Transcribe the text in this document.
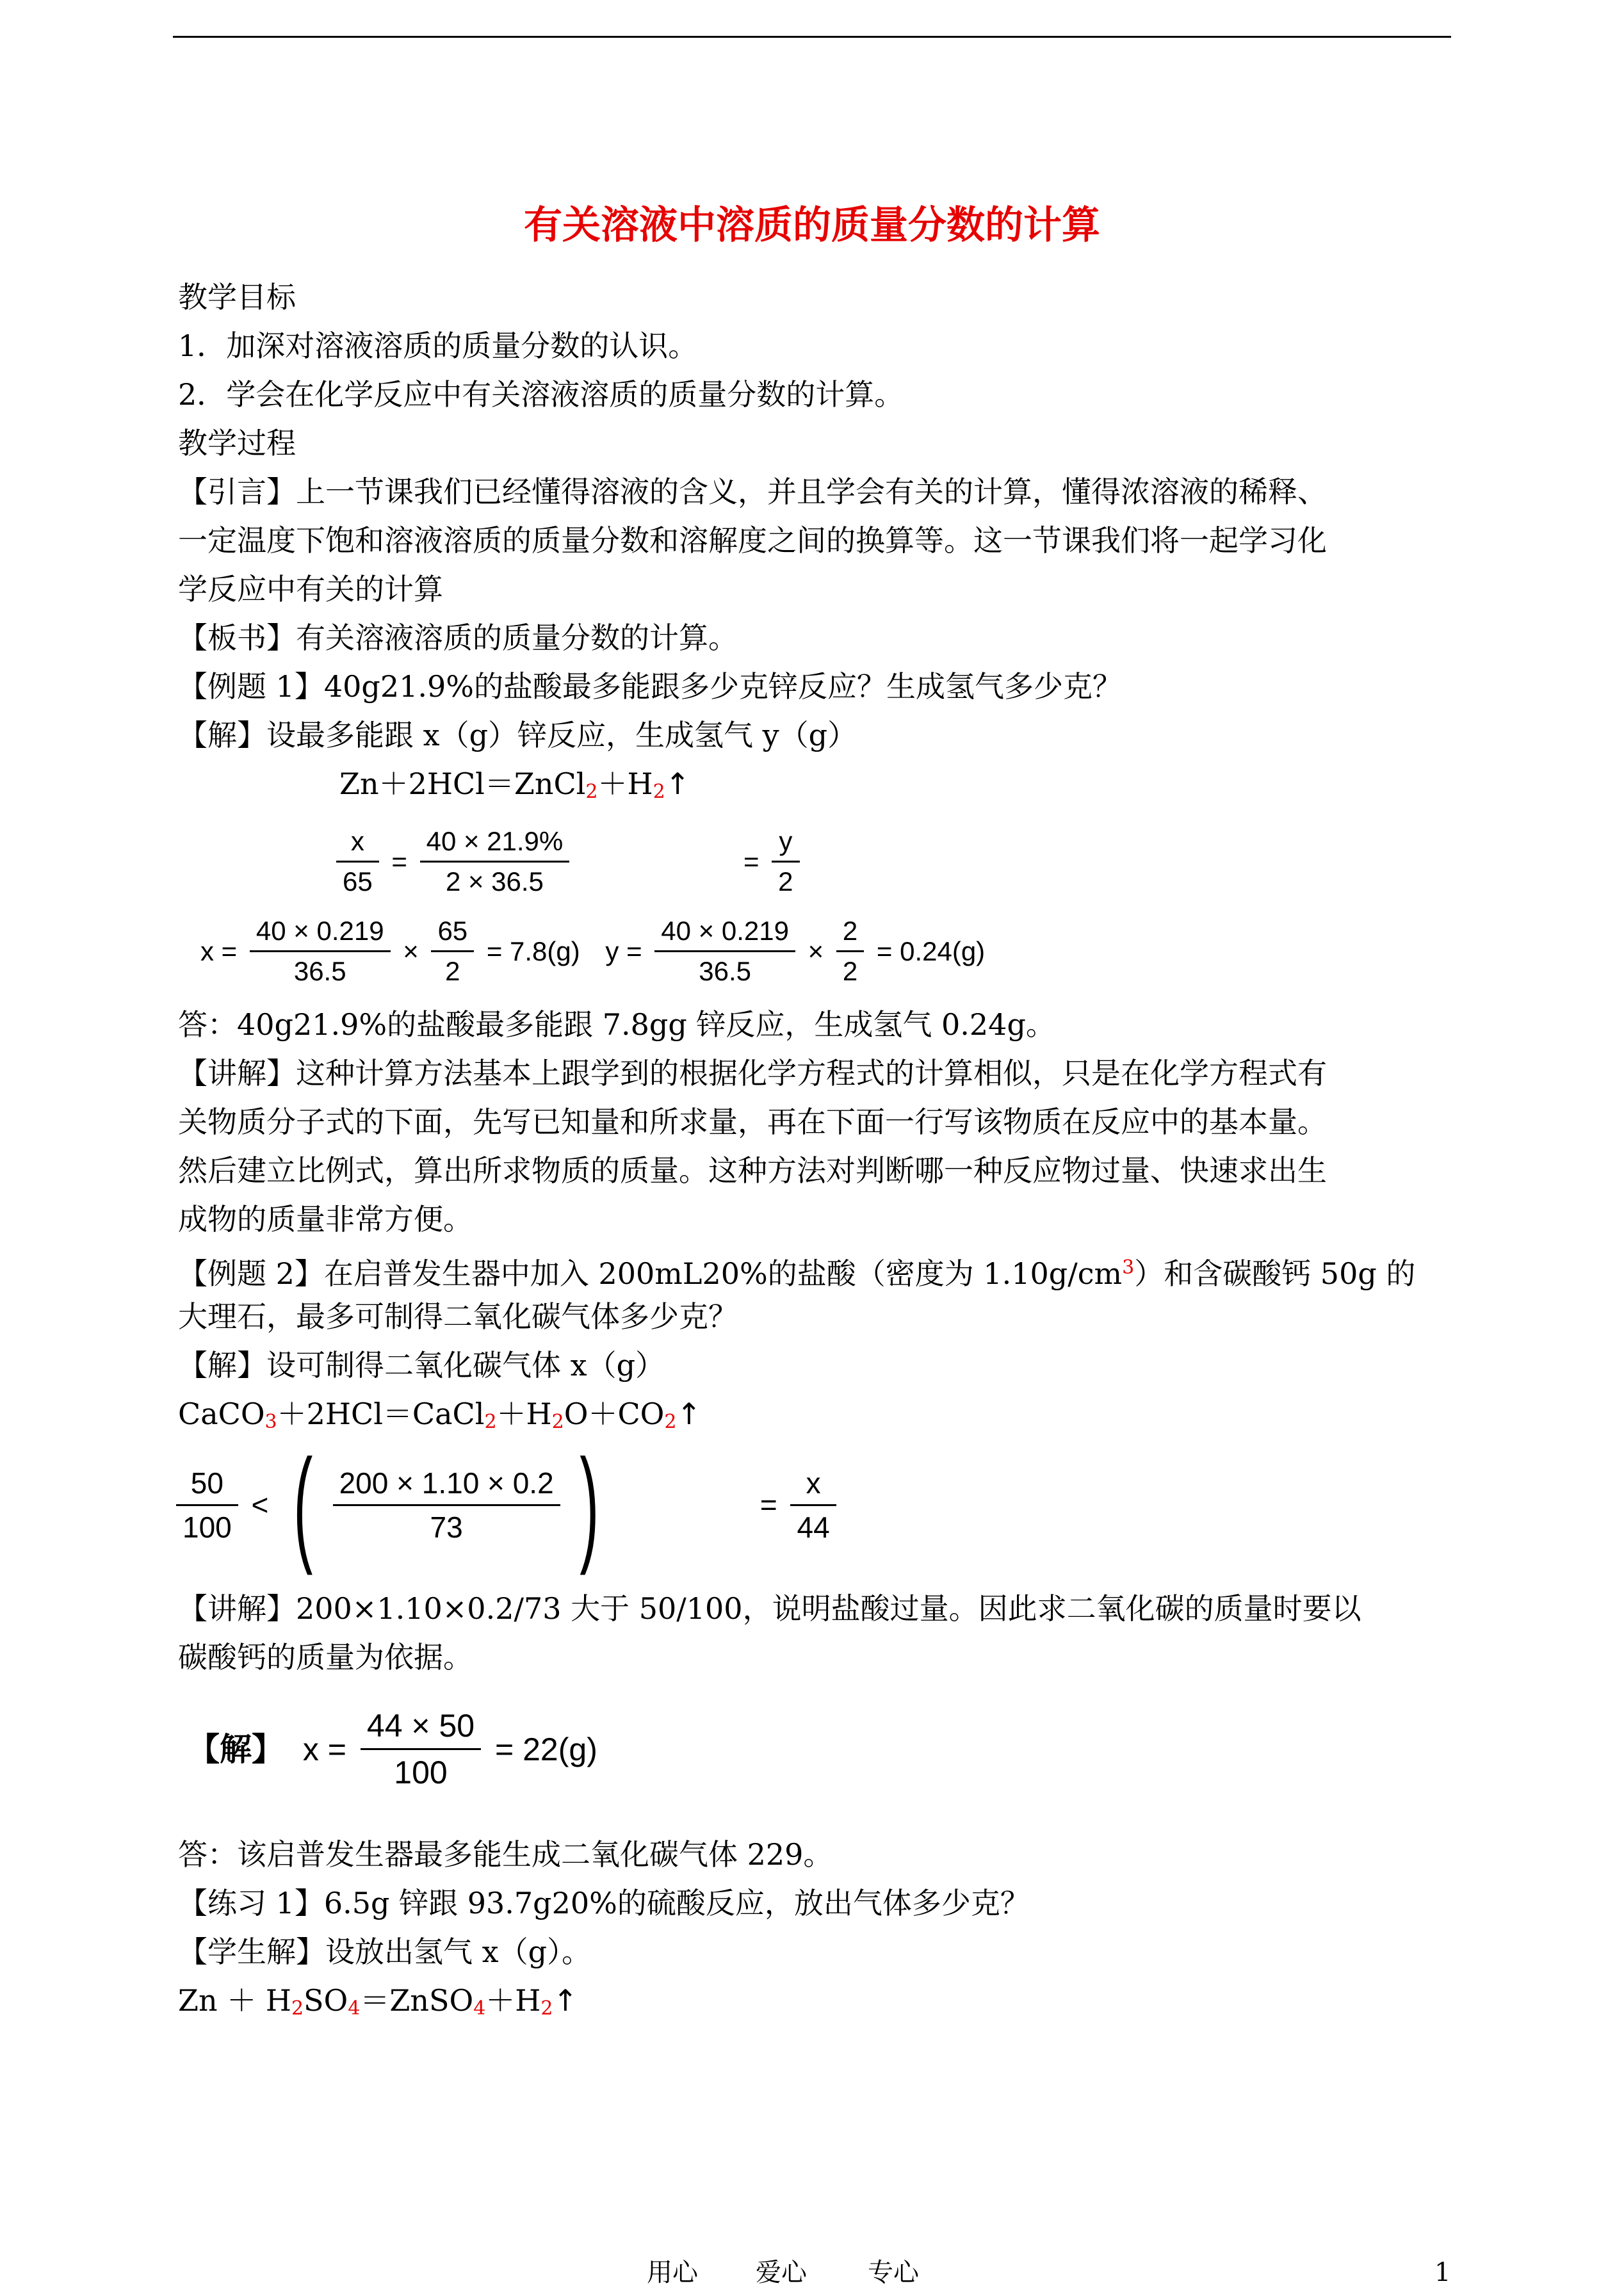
有关溶液中溶质的质量分数的计算
教学目标
1．加深对溶液溶质的质量分数的认识。
2．学会在化学反应中有关溶液溶质的质量分数的计算。
教学过程
【引言】上一节课我们已经懂得溶液的含义，并且学会有关的计算，懂得浓溶液的稀释、
一定温度下饱和溶液溶质的质量分数和溶解度之间的换算等。这一节课我们将一起学习化
学反应中有关的计算
【板书】有关溶液溶质的质量分数的计算。
【例题 1】40g21.9%的盐酸最多能跟多少克锌反应？生成氢气多少克？
【解】设最多能跟 x（g）锌反应，生成氢气 y（g）
$Zn+2HCl=ZnCl_2+H_2↑$
$\frac{x}{65} = \frac{40 \times 21.9\%}{2 \times 36.5}$	= $\frac{y}{2}$
$x = \frac{40 \times 0.219}{36.5} \times \frac{65}{2} = 7.8(g) y = \frac{40 \times 0.219}{36.5} \times \frac{2}{2} = 0.24(g)$
答：40g21.9%的盐酸最多能跟 7.8gg 锌反应，生成氢气 0.24g。
【讲解】这种计算方法基本上跟学到的根据化学方程式的计算相似，只是在化学方程式有
关物质分子式的下面，先写已知量和所求量，再在下面一行写该物质在反应中的基本量。
然后建立比例式，算出所求物质的质量。这种方法对判断哪一种反应物过量、快速求出生
成物的质量非常方便。
【例题 2】在启普发生器中加入 200mL20%的盐酸（密度为 $1.10g/cm^3$）和含碳酸钙 50g 的
大理石，最多可制得二氧化碳气体多少克？
【解】设可制得二氧化碳气体 x（g）
$CaCO_3+2HCl=CaCl_2+H_2O+CO_2↑$
$\frac{50}{100}$ < ( $\frac{200 \times 1.10 \times 0.2}{73}$ )	= $\frac{x}{44}$
【讲解】200×1.10×0.2/73 大于 50/100，说明盐酸过量。因此求二氧化碳的质量时要以
碳酸钙的质量为依据。
【解】 $x = \frac{44 \times 50}{100} = 22(g)$
答：该启普发生器最多能生成二氧化碳气体 229。
【练习 1】6.5g 锌跟 93.7g20%的硫酸反应，放出气体多少克？
【学生解】设放出氢气 x（g）。
$Zn + H_2SO_4=ZnSO_4+H_2↑$
用心 爱心 专心	1
